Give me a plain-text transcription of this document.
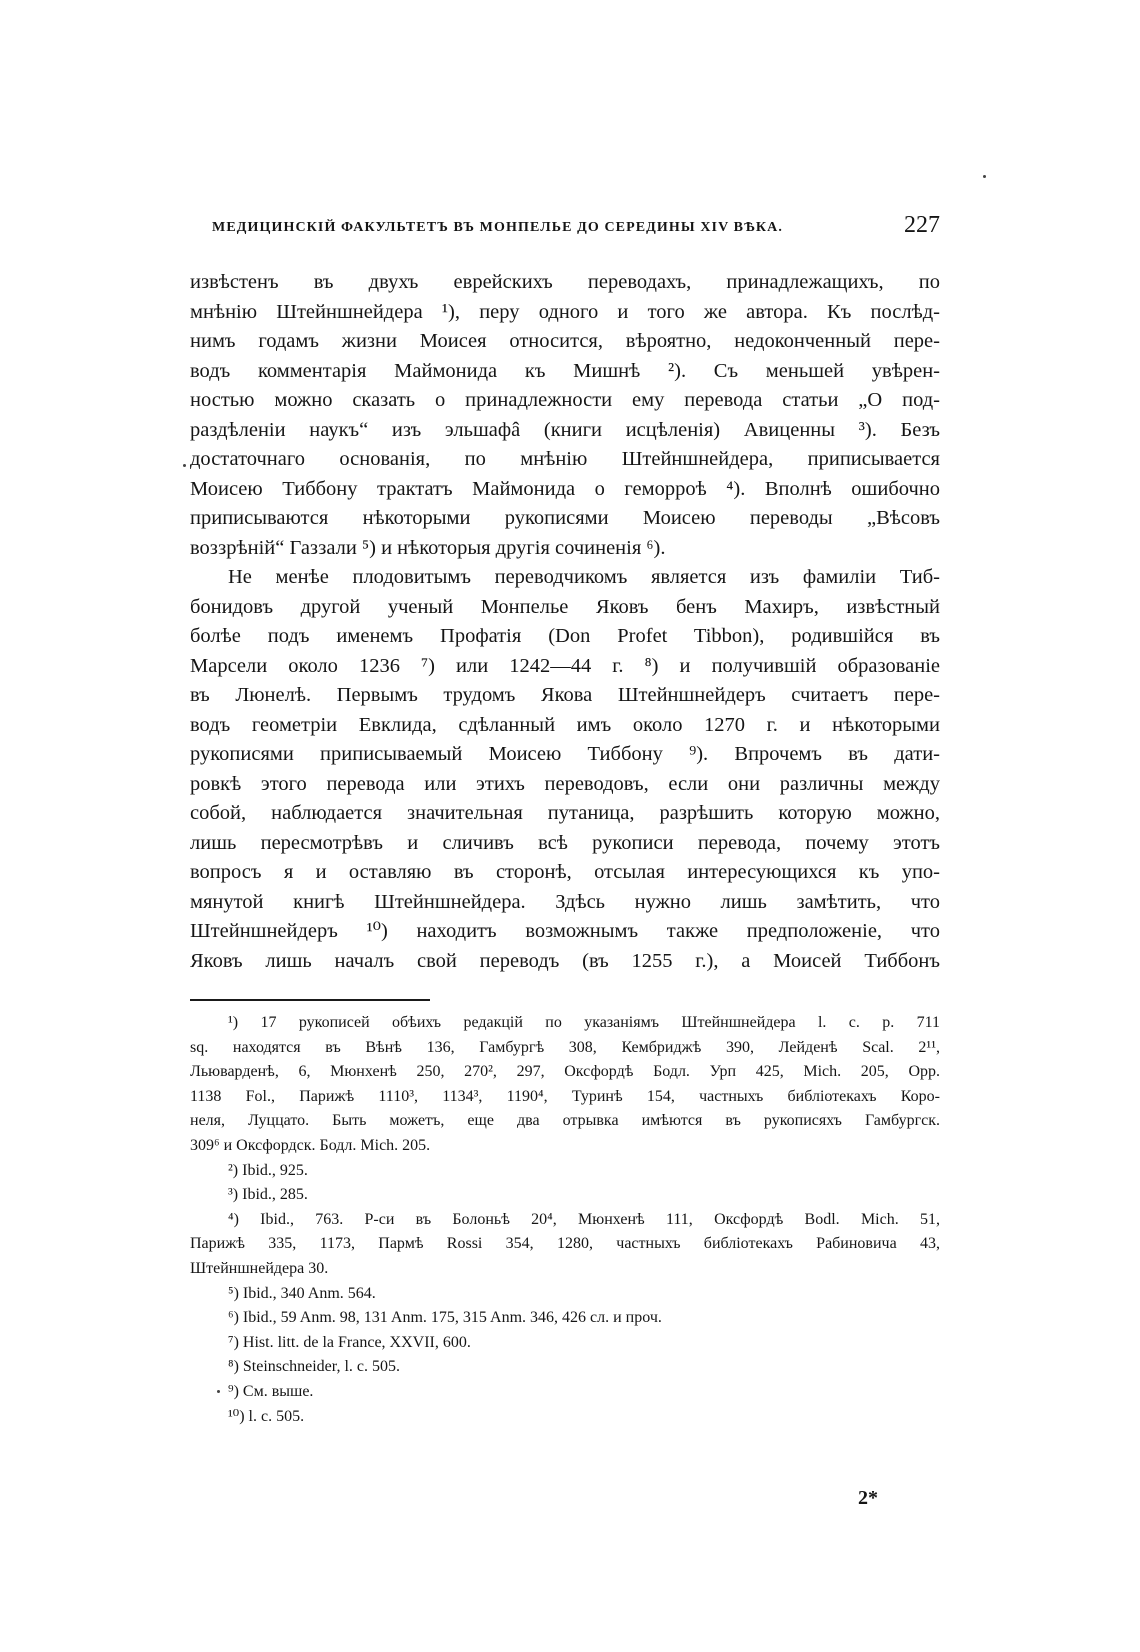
МЕДИЦИНСКIЙ ФАКУЛЬТЕТЪ ВЪ МОНПЕЛЬЕ ДО СЕРЕДИНЫ XIV ВѢКА.	227
извѣстенъ въ двухъ еврейскихъ переводахъ, принадлежащихъ, по
мнѣнiю Штейншнейдера ¹), перу одного и того же автора. Къ послѣд-
нимъ годамъ жизни Моисея относится, вѣроятно, недоконченный пере-
водъ комментарiя Маймонида къ Мишнѣ ²). Съ меньшей увѣрен-
ностью можно сказать о принадлежности ему перевода статьи „О под-
раздѣленiи наукъ“ изъ эльшафâ (книги исцѣленiя) Авиценны ³). Безъ
достаточнаго основанiя, по мнѣнiю Штейншнейдера, приписывается
Моисею Тиббону трактатъ Маймонида о геморроѣ ⁴). Вполнѣ ошибочно
приписываются нѣкоторыми рукописями Моисею переводы „Вѣсовъ
воззрѣнiй“ Газзали ⁵) и нѣкоторыя другiя сочиненiя ⁶).
Не менѣе плодовитымъ переводчикомъ является изъ фамилiи Тиб-
бонидовъ другой ученый Монпелье Яковъ бенъ Махиръ, извѣстный
болѣе подъ именемъ Профатiя (Don Profet Tibbon), родившiйся въ
Марсели около 1236 ⁷) или 1242—44 г. ⁸) и получившiй образованiе
въ Люнелѣ. Первымъ трудомъ Якова Штейншнейдеръ считаетъ пере-
водъ геометрiи Евклида, сдѣланный имъ около 1270 г. и нѣкоторыми
рукописями приписываемый Моисею Тиббону ⁹). Впрочемъ въ дати-
ровкѣ этого перевода или этихъ переводовъ, если они различны между
собой, наблюдается значительная путаница, разрѣшить которую можно,
лишь пересмотрѣвъ и сличивъ всѣ рукописи перевода, почему этотъ
вопросъ я и оставляю въ сторонѣ, отсылая интересующихся къ упо-
мянутой книгѣ Штейншнейдера. Здѣсь нужно лишь замѣтить, что
Штейншнейдеръ ¹⁰) находитъ возможнымъ также предположенiе, что
Яковъ лишь началъ свой переводъ (въ 1255 г.), а Моисей Тиббонъ
¹) 17 рукописей обѣихъ редакцiй по указанiямъ Штейншнейдера l. c. p. 711
sq. находятся въ Вѣнѣ 136, Гамбургѣ 308, Кембриджѣ 390, Лейденѣ Scal. 2¹¹,
Льюварденѣ, 6, Мюнхенѣ 250, 270², 297, Оксфордѣ Бодл. Урп 425, Mich. 205, Opp.
1138 Fol., Парижѣ 1110³, 1134³, 1190⁴, Туринѣ 154, частныхъ библiотекахъ Коро-
неля, Луццато. Быть можетъ, еще два отрывка имѣются въ рукописяхъ Гамбургск.
309⁶ и Оксфордск. Бодл. Mich. 205.
²) Ibid., 925.
³) Ibid., 285.
⁴) Ibid., 763. Р-си въ Болоньѣ 20⁴, Мюнхенѣ 111, Оксфордѣ Bodl. Mich. 51,
Парижѣ 335, 1173, Пармѣ Rossi 354, 1280, частныхъ библiотекахъ Рабиновича 43,
Штейншнейдера 30.
⁵) Ibid., 340 Anm. 564.
⁶) Ibid., 59 Anm. 98, 131 Anm. 175, 315 Anm. 346, 426 сл. и проч.
⁷) Hist. litt. de la France, XXVII, 600.
⁸) Steinschneider, l. c. 505.
⁹) См. выше.
¹⁰) l. c. 505.
2*
